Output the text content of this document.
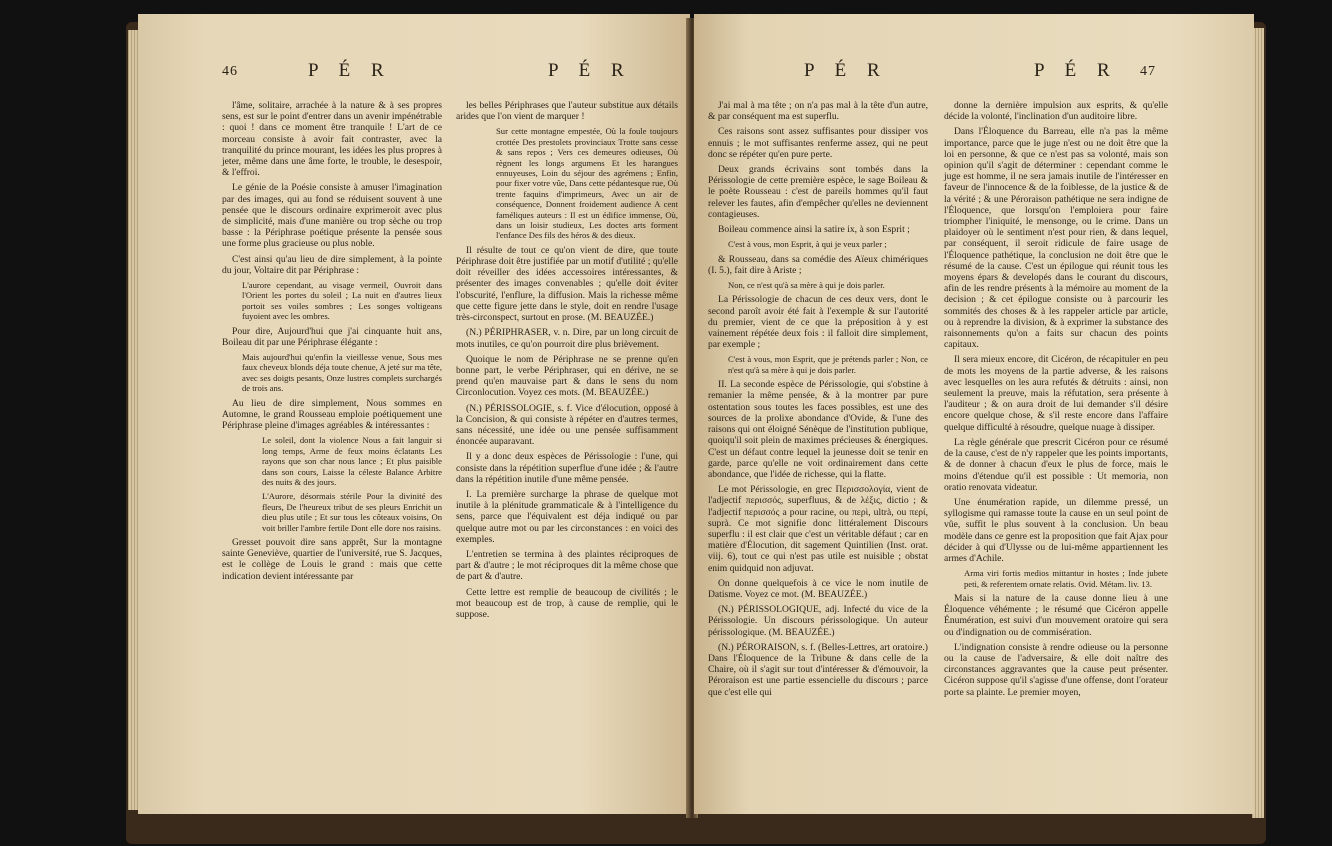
46	P É R

l'âme, solitaire, arrachée à la nature & à ses propres sens, est sur le point d'entrer dans un avenir impénétrable : quoi ! dans ce moment être tranquile ! L'art de ce morceau consiste à avoir fait contraster, avec la tranquilité du prince mourant, les idées les plus propres à jeter, même dans une âme forte, le trouble, le desespoir, & l'effroi.

Le génie de la Poésie consiste à amuser l'imagination par des images, qui au fond se réduisent souvent à une pensée que le discours ordinaire exprimeroit avec plus de simplicité, mais d'une manière ou trop sèche ou trop basse : la Périphrase poétique présente la pensée sous une forme plus gracieuse ou plus noble.

C'est ainsi qu'au lieu de dire simplement, à la pointe du jour, Voltaire dit par Périphrase :

L'aurore cependant, au visage vermeil, Ouvroit dans l'Orient les portes du soleil ; La nuit en d'autres lieux portoit ses voiles sombres ; Les songes voltigeans fuyoient avec les ombres.

Pour dire, Aujourd'hui que j'ai cinquante huit ans, Boileau dit par une Périphrase élégante :

Mais aujourd'hui qu'enfin la vieillesse venue, Sous mes faux cheveux blonds déja toute chenue, A jeté sur ma tête, avec ses doigts pesants, Onze lustres complets surchargés de trois ans.

Au lieu de dire simplement, Nous sommes en Automne, le grand Rousseau emploie poétiquement une Périphrase pleine d'images agréables & intéressantes :

Le soleil, dont la violence Nous a fait languir si long temps, Arme de feux moins éclatants Les rayons que son char nous lance ; Et plus paisible dans son cours, Laisse la céleste Balance Arbitre des nuits & des jours.

L'Aurore, désormais stérile Pour la divinité des fleurs, De l'heureux tribut de ses pleurs Enrichit un dieu plus utile ; Et sur tous les côteaux voisins, On voit briller l'ambre fertile Dont elle dore nos raisins.

Gresset pouvoit dire sans apprêt, Sur la montagne sainte Geneviève, quartier de l'université, rue S. Jacques, est le collège de Louis le grand : mais que cette indication devient intéressante par

les belles Périphrases que l'auteur substitue aux détails arides que l'on vient de marquer !

Sur cette montagne empestée, Où la foule toujours crottée Des prestolets provinciaux Trotte sans cesse & sans repos ; Vers ces demeures odieuses, Où règnent les longs argumens Et les harangues ennuyeuses, Loin du séjour des agrémens ; Enfin, pour fixer votre vûe, Dans cette pédantesque rue, Où trente faquins d'imprimeurs, Avec un air de conséquence, Donnent froidement audience A cent faméliques auteurs : Il est un édifice immense, Où, dans un loisir studieux, Les doctes arts forment l'enfance Des fils des héros & des dieux.

Il résulte de tout ce qu'on vient de dire, que toute Périphrase doit être justifiée par un motif d'utilité ; qu'elle doit réveiller des idées accessoires intéressantes, & présenter des images convenables ; qu'elle doit éviter l'obscurité, l'enflure, la diffusion. Mais la richesse même que cette figure jette dans le style, doit en rendre l'usage très-circonspect, surtout en prose. (M. BEAUZÉE.)

(N.) PÉRIPHRASER, v. n. Dire, par un long circuit de mots inutiles, ce qu'on pourroit dire plus brièvement.

Quoique le nom de Périphrase ne se prenne qu'en bonne part, le verbe Périphraser, qui en dérive, ne se prend qu'en mauvaise part & dans le sens du nom Circonlocution. Voyez ces mots. (M. BEAUZÉE.)

(N.) PÉRISSOLOGIE, s. f. Vice d'élocution, opposé à la Concision, & qui consiste à répéter en d'autres termes, sans nécessité, une idée ou une pensée suffisamment énoncée auparavant.

Il y a donc deux espèces de Périssologie : l'une, qui consiste dans la répétition superflue d'une idée ; & l'autre dans la répétition inutile d'une même pensée.

I. La première surcharge la phrase de quelque mot inutile à la plénitude grammaticale & à l'intelligence du sens, parce que l'équivalent est déja indiqué ou par quelque autre mot ou par les circonstances : en voici des exemples.

L'entretien se termina à des plaintes réciproques de part & d'autre ; le mot réciproques dit la même chose que de part & d'autre.

Cette lettre est remplie de beaucoup de civilités ; le mot beaucoup est de trop, à cause de remplie, qui le suppose.

P É R	P É R	P É R 47

J'ai mal à ma tête ; on n'a pas mal à la tête d'un autre, & par conséquent ma est superflu.

Ces raisons sont assez suffisantes pour dissiper vos ennuis ; le mot suffisantes renferme assez, qui ne peut donc se répéter qu'en pure perte.

Deux grands écrivains sont tombés dans la Périssologie de cette première espèce, le sage Boileau & le poète Rousseau : c'est de pareils hommes qu'il faut relever les fautes, afin d'empêcher qu'elles ne deviennent contagieuses.

Boileau commence ainsi la satire ix, à son Esprit ;

C'est à vous, mon Esprit, à qui je veux parler ;

& Rousseau, dans sa comédie des Aïeux chimériques (I. 5.), fait dire à Ariste ;

Non, ce n'est qu'à sa mère à qui je dois parler.

La Périssologie de chacun de ces deux vers, dont le second paroît avoir été fait à l'exemple & sur l'autorité du premier, vient de ce que la préposition à y est vainement répétée deux fois : il falloit dire simplement, par exemple ;

C'est à vous, mon Esprit, que je prétends parler ; Non, ce n'est qu'à sa mère à qui je dois parler.

II. La seconde espèce de Périssologie, qui s'obstine à remanier la même pensée, & à la montrer par pure ostentation sous toutes les faces possibles, est une des sources de la prolixe abondance d'Ovide, & l'une des raisons qui ont éloigné Sénèque de l'institution publique, quoiqu'il soit plein de maximes précieuses & énergiques. C'est un défaut contre lequel la jeunesse doit se tenir en garde, parce qu'elle ne voit ordinairement dans cette abondance, que l'idée de richesse, qui la flatte.

Le mot Périssologie, en grec Περισσολογία, vient de l'adjectif περισσός, superfluus, & de λέξις, dictio ; & l'adjectif περισσός a pour racine, ou περὶ, ultrà, ou περί, suprà. Ce mot signifie donc littéralement Discours superflu : il est clair que c'est un véritable défaut ; car en matière d'Élocution, dit sagement Quintilien (Inst. orat. viij. 6), tout ce qui n'est pas utile est nuisible ; obstat enim quidquid non adjuvat.

On donne quelquefois à ce vice le nom inutile de Datisme. Voyez ce mot. (M. BEAUZÉE.)

(N.) PÉRISSOLOGIQUE, adj. Infecté du vice de la Périssologie. Un discours périssologique. Un auteur périssologique. (M. BEAUZÉE.)

(N.) PÉRORAISON, s. f. (Belles-Lettres, art oratoire.) Dans l'Éloquence de la Tribune & dans celle de la Chaire, où il s'agit sur tout d'intéresser & d'émouvoir, la Péroraison est une partie essencielle du discours ; parce que c'est elle qui

donne la dernière impulsion aux esprits, & qu'elle décide la volonté, l'inclination d'un auditoire libre.

Dans l'Éloquence du Barreau, elle n'a pas la même importance, parce que le juge n'est ou ne doit être que la loi en personne, & que ce n'est pas sa volonté, mais son opinion qu'il s'agit de déterminer : cependant comme le juge est homme, il ne sera jamais inutile de l'intéresser en faveur de l'innocence & de la foiblesse, de la justice & de la vérité ; & une Péroraison pathétique ne sera indigne de l'Éloquence, que lorsqu'on l'emploiera pour faire triompher l'iniquité, le mensonge, ou le crime. Dans un plaidoyer où le sentiment n'est pour rien, & dans lequel, par conséquent, il seroit ridicule de faire usage de l'Éloquence pathétique, la conclusion ne doit être que le résumé de la cause. C'est un épilogue qui réunit tous les moyens épars & developés dans le courant du discours, afin de les rendre présents à la mémoire au moment de la decision ; & cet épilogue consiste ou à parcourir les sommités des choses & à les rappeler article par article, ou à reprendre la division, & à exprimer la substance des raisonnements qu'on a faits sur chacun des points capitaux.

Il sera mieux encore, dit Cicéron, de récapituler en peu de mots les moyens de la partie adverse, & les raisons avec lesquelles on les aura refutés & détruits : ainsi, non seulement la preuve, mais la réfutation, sera présente à l'auditeur ; & on aura droit de lui demander s'il désire encore quelque chose, & s'il reste encore dans l'affaire quelque difficulté à résoudre, quelque nuage à dissiper.

La règle générale que prescrit Cicéron pour ce résumé de la cause, c'est de n'y rappeler que les points importants, & de donner à chacun d'eux le plus de force, mais le moins d'étendue qu'il est possible : Ut memoria, non oratio renovata videatur.

Une énumération rapide, un dilemme pressé, un syllogisme qui ramasse toute la cause en un seul point de vûe, suffit le plus souvent à la conclusion. Un beau modèle dans ce genre est la proposition que fait Ajax pour décider à qui d'Ulysse ou de lui-même appartiennent les armes d'Achile.

Arma viri fortis medios mittantur in hostes ; Inde jubete peti, & referentem ornate relatis. Ovid. Métam. liv. 13.

Mais si la nature de la cause donne lieu à une Éloquence véhémente ; le résumé que Cicéron appelle Énumération, est suivi d'un mouvement oratoire qui sera ou d'indignation ou de commisération.

L'indignation consiste à rendre odieuse ou la personne ou la cause de l'adversaire, & elle doit naître des circonstances aggravantes que la cause peut présenter. Cicéron suppose qu'il s'agisse d'une offense, dont l'orateur porte sa plainte. Le premier moyen,
